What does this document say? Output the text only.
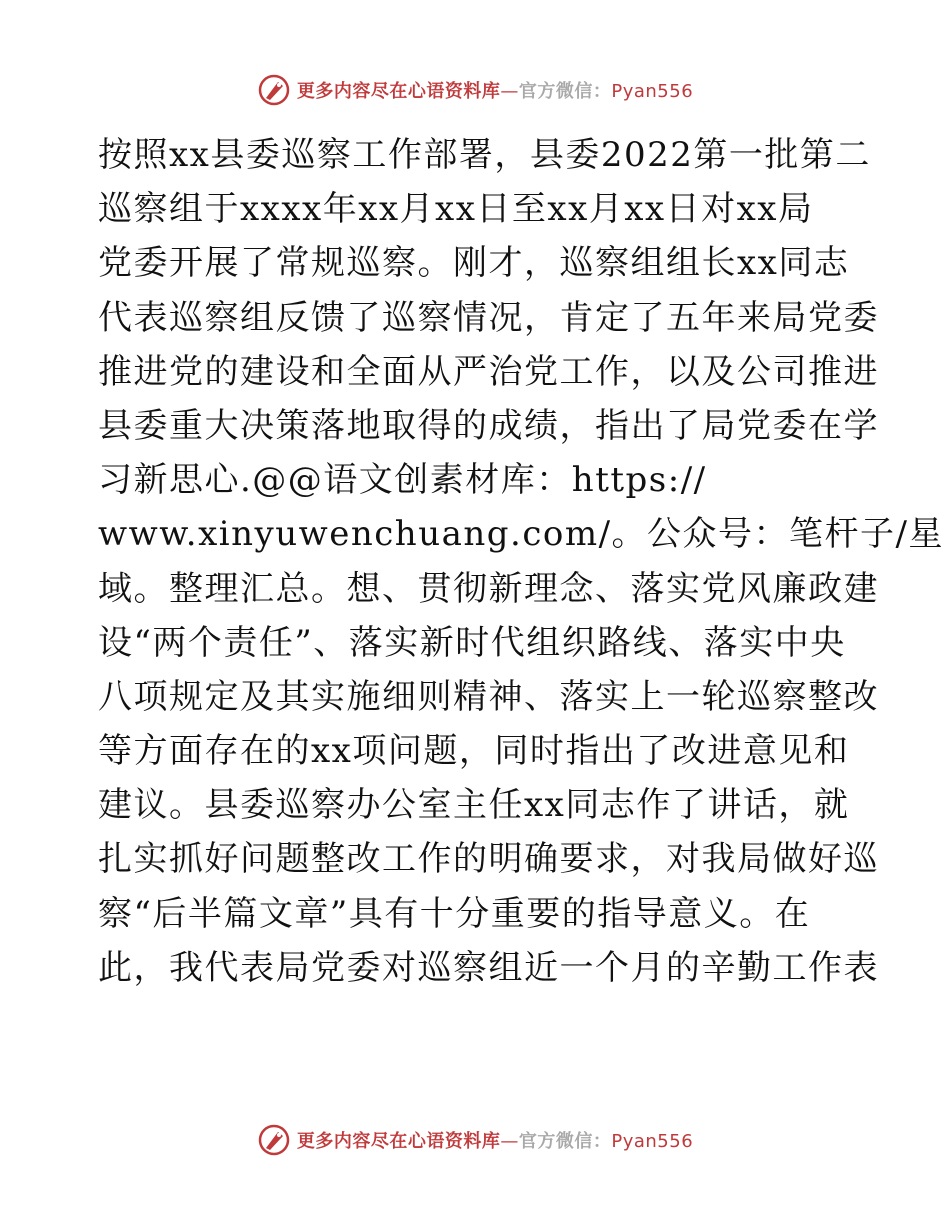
更多内容尽在心语资料库—官方微信：Pyan556
按照xx县委巡察工作部署，县委2022第一批第二
巡察组于xxxx年xx月xx日至xx月xx日对xx局
党委开展了常规巡察。刚才，巡察组组长xx同志
代表巡察组反馈了巡察情况，肯定了五年来局党委
推进党的建设和全面从严治党工作，以及公司推进
县委重大决策落地取得的成绩，指出了局党委在学
习新思心.@@语文创素材库：https://
www.xinyuwenchuang.com/。公众号：笔杆子/星
域。整理汇总。想、贯彻新理念、落实党风廉政建
设“两个责任”、落实新时代组织路线、落实中央
八项规定及其实施细则精神、落实上一轮巡察整改
等方面存在的xx项问题，同时指出了改进意见和
建议。县委巡察办公室主任xx同志作了讲话，就
扎实抓好问题整改工作的明确要求，对我局做好巡
察“后半篇文章”具有十分重要的指导意义。在
此，我代表局党委对巡察组近一个月的辛勤工作表
更多内容尽在心语资料库—官方微信：Pyan556
